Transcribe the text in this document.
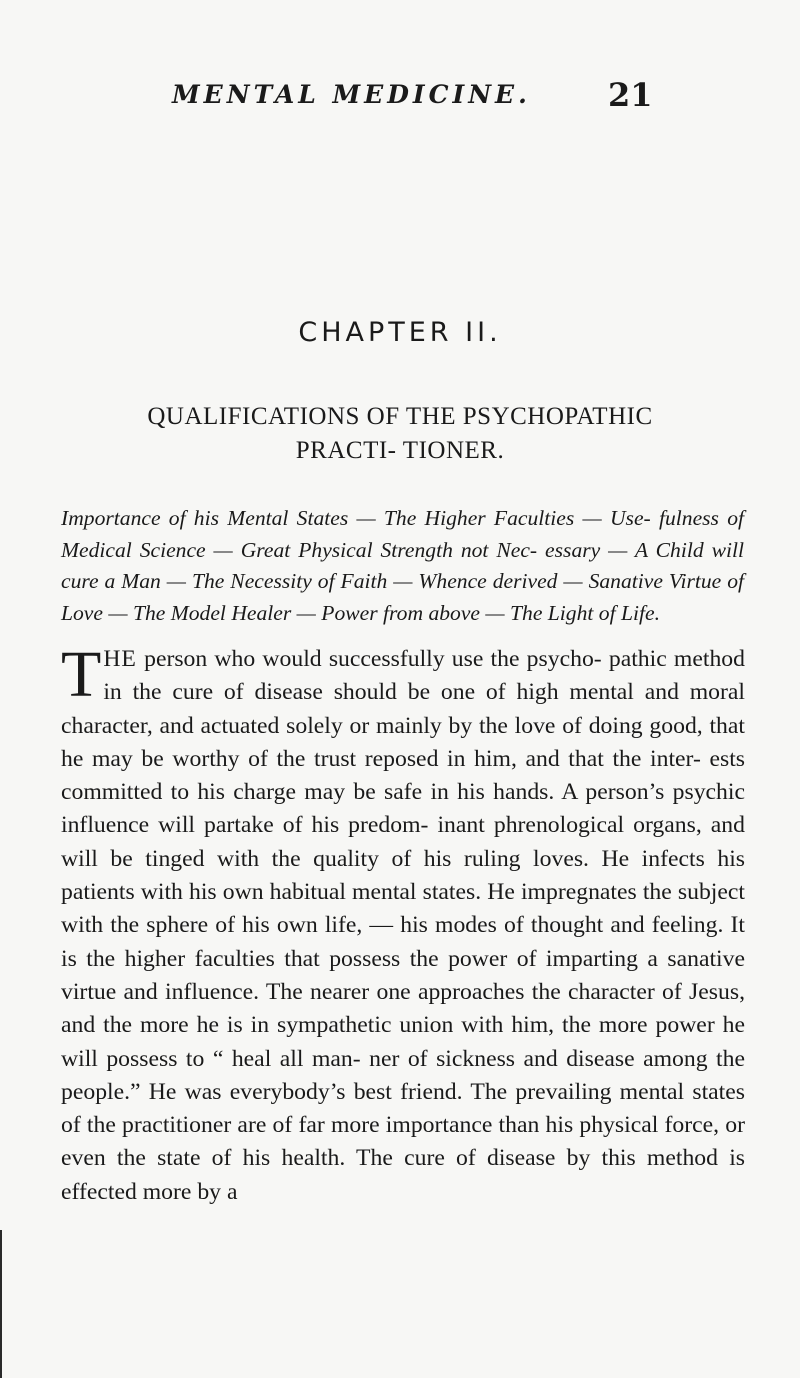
MENTAL MEDICINE. 21
CHAPTER II.
QUALIFICATIONS OF THE PSYCHOPATHIC PRACTI- TIONER.
Importance of his Mental States — The Higher Faculties — Use- fulness of Medical Science — Great Physical Strength not Nec- essary — A Child will cure a Man — The Necessity of Faith — Whence derived — Sanative Virtue of Love — The Model Healer — Power from above — The Light of Life.

THE person who would successfully use the psycho- pathic method in the cure of disease should be one of high mental and moral character, and actuated solely or mainly by the love of doing good, that he may be worthy of the trust reposed in him, and that the inter- ests committed to his charge may be safe in his hands. A person’s psychic influence will partake of his predom- inant phrenological organs, and will be tinged with the quality of his ruling loves. He infects his patients with his own habitual mental states. He impregnates the subject with the sphere of his own life, — his modes of thought and feeling. It is the higher faculties that possess the power of imparting a sanative virtue and influence. The nearer one approaches the character of Jesus, and the more he is in sympathetic union with him, the more power he will possess to “ heal all man- ner of sickness and disease among the people.” He was everybody’s best friend. The prevailing mental states of the practitioner are of far more importance than his physical force, or even the state of his health. The cure of disease by this method is effected more by a
